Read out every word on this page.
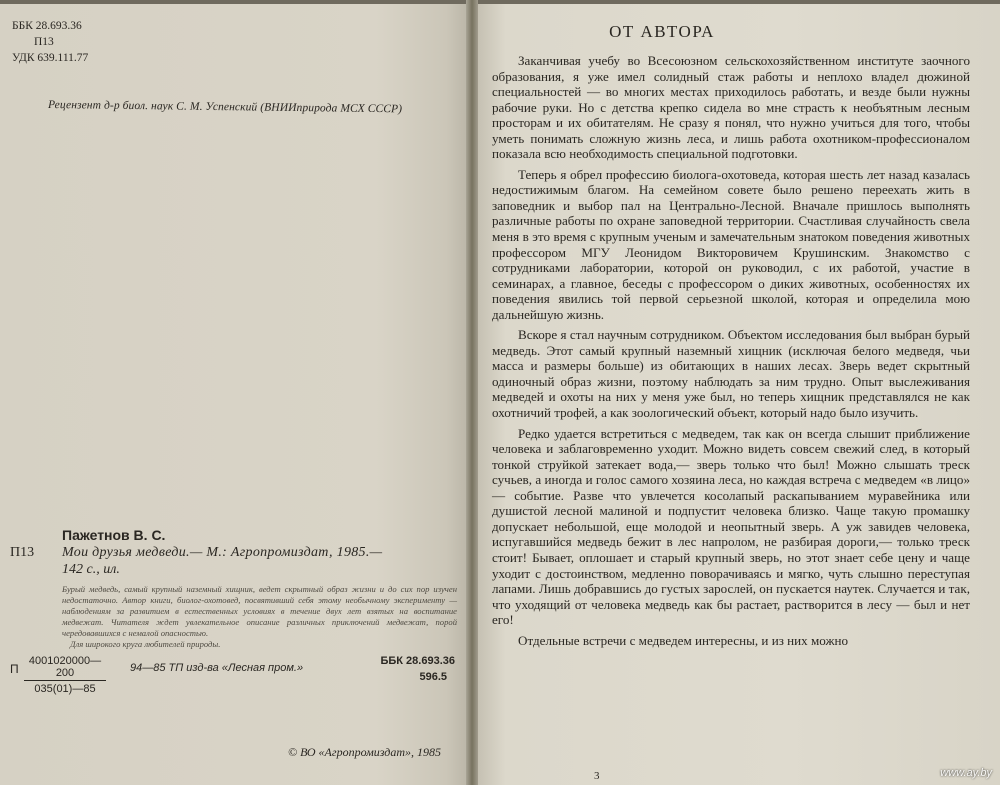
ББК 28.693.36
П13
УДК 639.111.77
Рецензент д-р биол. наук С. М. Успенский (ВНИИприрода МСХ СССР)
Пажетнов В. С.
П13	Мои друзья медведи.— М.: Агропромиздат, 1985.—
142 с., ил.
Бурый медведь, самый крупный наземный хищник, ведет скрытный образ жизни и до сих пор изучен недостаточно. Автор книги, биолог-охотовед, посвятивший себя этому необычному эксперименту — наблюдениям за развитием в естественных условиях в течение двух лет взятых на воспитание медвежат. Читателя ждет увлекательное описание различных приключений медвежат, порой чередовавшихся с немалой опасностью.
Для широкого круга любителей природы.
П $\frac{4001020000—200}{035(01)—85}$	94—85 ТП изд-ва «Лесная пром.»
ББК 28.693.36
596.5
© ВО «Агропромиздат», 1985
ОТ АВТОРА

Заканчивая учебу во Всесоюзном сельскохозяйственном институте заочного образования, я уже имел солидный стаж работы и неплохо владел дюжиной специальностей — во многих местах приходилось работать, и везде были нужны рабочие руки. Но с детства крепко сидела во мне страсть к необъятным лесным просторам и их обитателям. Не сразу я понял, что нужно учиться для того, чтобы уметь понимать сложную жизнь леса, и лишь работа охотником-профессионалом показала всю необходимость специальной подготовки.

Теперь я обрел профессию биолога-охотоведа, которая шесть лет назад казалась недостижимым благом. На семейном совете было решено переехать жить в заповедник и выбор пал на Центрально-Лесной. Вначале пришлось выполнять различные работы по охране заповедной территории. Счастливая случайность свела меня в это время с крупным ученым и замечательным знатоком поведения животных профессором МГУ Леонидом Викторовичем Крушинским. Знакомство с сотрудниками лаборатории, которой он руководил, с их работой, участие в семинарах, а главное, беседы с профессором о диких животных, особенностях их поведения явились той первой серьезной школой, которая и определила мою дальнейшую жизнь.

Вскоре я стал научным сотрудником. Объектом исследования был выбран бурый медведь. Этот самый крупный наземный хищник (исключая белого медведя, чьи масса и размеры больше) из обитающих в наших лесах. Зверь ведет скрытный одиночный образ жизни, поэтому наблюдать за ним трудно. Опыт выслеживания медведей и охоты на них у меня уже был, но теперь хищник представлялся не как охотничий трофей, а как зоологический объект, который надо было изучить.

Редко удается встретиться с медведем, так как он всегда слышит приближение человека и заблаговременно уходит. Можно видеть совсем свежий след, в который тонкой струйкой затекает вода,— зверь только что был! Можно слышать треск сучьев, а иногда и голос самого хозяина леса, но каждая встреча с медведем «в лицо» — событие. Разве что увлечется косолапый раскапыванием муравейника или душистой лесной малиной и подпустит человека близко. Чаще такую промашку допускает небольшой, еще молодой и неопытный зверь. А уж завидев человека, испугавшийся медведь бежит в лес напролом, не разбирая дороги,— только треск стоит! Бывает, оплошает и старый крупный зверь, но этот знает себе цену и чаще уходит с достоинством, медленно поворачиваясь и мягко, чуть слышно переступая лапами. Лишь добравшись до густых зарослей, он пускается наутек. Случается и так, что уходящий от человека медведь как бы растает, растворится в лесу — был и нет его!

Отдельные встречи с медведем интересны, и из них можно

3	www.ay.by
